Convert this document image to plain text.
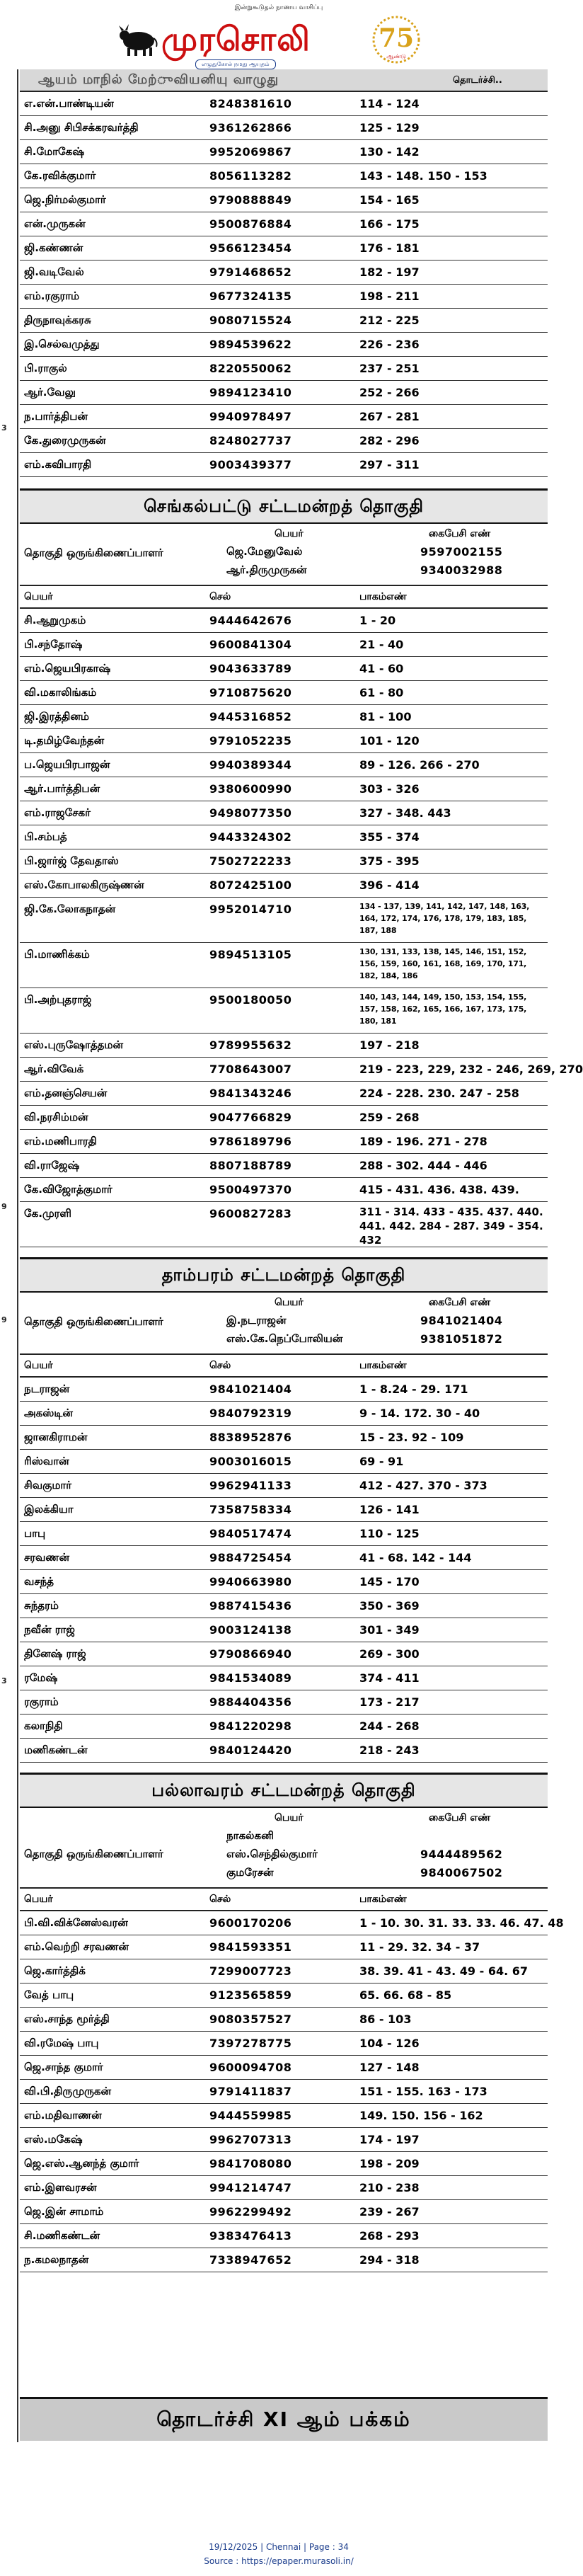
இன்றுகூடுதல் நாணய வாசிப்பு
முரசொலி	75
ஆண்டு
எழுதுகோல் நமது ஆயுதம்
3
9
9
3
ஆயம் மாநில் மேற்ுவியனியு வாழுது	தொடர்ச்சி..
எ.என்.பாண்டியன்	8248381610	114 - 124
சி.அனு சிபிசக்கரவர்த்தி	9361262866	125 - 129
சி.மோகேஷ்	9952069867	130 - 142
கே.ரவிக்குமார்	8056113282	143 - 148. 150 - 153
ஜெ.நிர்மல்குமார்	9790888849	154 - 165
என்.முருகன்	9500876884	166 - 175
ஜி.கண்ணன்	9566123454	176 - 181
ஜி.வடிவேல்	9791468652	182 - 197
எம்.ரகுராம்	9677324135	198 - 211
திருநாவுக்கரசு	9080715524	212 - 225
இ.செல்வமுத்து	9894539622	226 - 236
பி.ராகுல்	8220550062	237 - 251
ஆர்.வேலு	9894123410	252 - 266
ந.பார்த்திபன்	9940978497	267 - 281
கே.துரைமுருகன்	8248027737	282 - 296
எம்.கவிபாரதி	9003439377	297 - 311
செங்கல்பட்டு சட்டமன்றத் தொகுதி
பெயர்	கைபேசி எண்
தொகுதி ஒருங்கிணைப்பாளர்	ஜெ.மேனுவேல்	9597002155
ஆர்.திருமுருகன்	9340032988
பெயர்	செல்	பாகம்எண்
சி.ஆறுமுகம்	9444642676	1 - 20
பி.சந்தோஷ்	9600841304	21 - 40
எம்.ஜெயபிரகாஷ்	9043633789	41 - 60
வி.மகாலிங்கம்	9710875620	61 - 80
ஜி.இரத்தினம்	9445316852	81 - 100
டி.தமிழ்வேந்தன்	9791052235	101 - 120
ப.ஜெயபிரபாஜன்	9940389344	89 - 126. 266 - 270
ஆர்.பார்த்திபன்	9380600990	303 - 326
எம்.ராஜசேகர்	9498077350	327 - 348. 443
பி.சம்பத்	9443324302	355 - 374
பி.ஜார்ஜ் தேவதாஸ்	7502722233	375 - 395
எஸ்.கோபாலகிருஷ்ணன்	8072425100	396 - 414
ஜி.கே.லோகநாதன்	9952014710	134 - 137, 139, 141, 142, 147, 148, 163, 164, 172, 174, 176, 178, 179, 183, 185, 187, 188
பி.மாணிக்கம்	9894513105	130, 131, 133, 138, 145, 146, 151, 152, 156, 159, 160, 161, 168, 169, 170, 171, 182, 184, 186
பி.அற்புதராஜ்	9500180050	140, 143, 144, 149, 150, 153, 154, 155, 157, 158, 162, 165, 166, 167, 173, 175, 180, 181
எஸ்.புருஷோத்தமன்	9789955632	197 - 218
ஆர்.விவேக்	7708643007	219 - 223, 229, 232 - 246, 269, 270
எம்.தனஞ்செயன்	9841343246	224 - 228. 230. 247 - 258
வி.நரசிம்மன்	9047766829	259 - 268
எம்.மணிபாரதி	9786189796	189 - 196. 271 - 278
வி.ராஜேஷ்	8807188789	288 - 302. 444 - 446
கே.விஜோத்குமார்	9500497370	415 - 431. 436. 438. 439.
கே.முரளி	9600827283	311 - 314. 433 - 435. 437. 440. 441. 442. 284 - 287. 349 - 354. 432
தாம்பரம் சட்டமன்றத் தொகுதி
பெயர்	கைபேசி எண்
தொகுதி ஒருங்கிணைப்பாளர்	இ.நடராஜன்	9841021404
எஸ்.கே.நெப்போலியன்	9381051872
பெயர்	செல்	பாகம்எண்
நடராஜன்	9841021404	1 - 8.24 - 29. 171
அகஸ்டின்	9840792319	9 - 14. 172. 30 - 40
ஜானகிராமன்	8838952876	15 - 23. 92 - 109
ரிஸ்வான்	9003016015	69 - 91
சிவகுமார்	9962941133	412 - 427. 370 - 373
இலக்கியா	7358758334	126 - 141
பாபு	9840517474	110 - 125
சரவணன்	9884725454	41 - 68. 142 - 144
வசந்த்	9940663980	145 - 170
சுந்தரம்	9887415436	350 - 369
நவீன் ராஜ்	9003124138	301 - 349
தினேஷ் ராஜ்	9790866940	269 - 300
ரமேஷ்	9841534089	374 - 411
ரகுராம்	9884404356	173 - 217
கலாநிதி	9841220298	244 - 268
மணிகண்டன்	9840124420	218 - 243
பல்லாவரம் சட்டமன்றத் தொகுதி
பெயர்	கைபேசி எண்
தொகுதி ஒருங்கிணைப்பாளர்
நாகல்கனி
எஸ்.செந்தில்குமார்	9444489562
குமரேசன்	9840067502
பெயர்	செல்	பாகம்எண்
பி.வி.விக்னேஸ்வரன்	9600170206	1 - 10. 30. 31. 33. 33. 46. 47. 48
எம்.வெற்றி சரவணன்	9841593351	11 - 29. 32. 34 - 37
ஜெ.கார்த்திக்	7299007723	38. 39. 41 - 43. 49 - 64. 67
வேத் பாபு	9123565859	65. 66. 68 - 85
எஸ்.சாந்த மூர்த்தி	9080357527	86 - 103
வி.ரமேஷ் பாபு	7397278775	104 - 126
ஜெ.சாந்த குமார்	9600094708	127 - 148
வி.பி.திருமுருகன்	9791411837	151 - 155. 163 - 173
எம்.மதிவாணன்	9444559985	149. 150. 156 - 162
எஸ்.மகேஷ்	9962707313	174 - 197
ஜெ.எஸ்.ஆனந்த் குமார்	9841708080	198 - 209
எம்.இளவரசன்	9941214747	210 - 238
ஜெ.இன் சாமாம்	9962299492	239 - 267
சி.மணிகண்டன்	9383476413	268 - 293
ந.கமலநாதன்	7338947652	294 - 318
தொடர்ச்சி XI ஆம் பக்கம்
19/12/2025 | Chennai | Page : 34
Source : https://epaper.murasoli.in/
